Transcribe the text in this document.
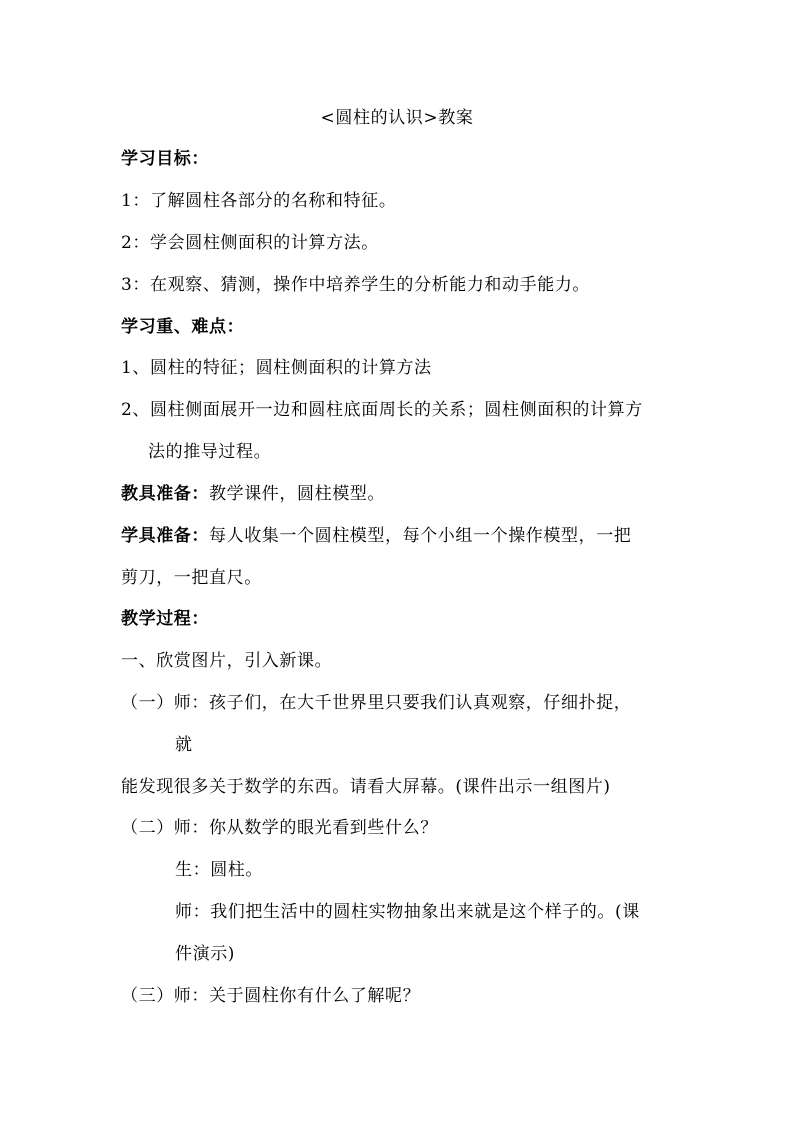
<圆柱的认识>教案
学习目标：
1：了解圆柱各部分的名称和特征。
2：学会圆柱侧面积的计算方法。
3：在观察、猜测，操作中培养学生的分析能力和动手能力。
学习重、难点：
1、圆柱的特征；圆柱侧面积的计算方法
2、圆柱侧面展开一边和圆柱底面周长的关系；圆柱侧面积的计算方
法的推导过程。
教具准备：教学课件，圆柱模型。
学具准备：每人收集一个圆柱模型，每个小组一个操作模型，一把
剪刀，一把直尺。
教学过程：
一、欣赏图片，引入新课。
（一）师：孩子们，在大千世界里只要我们认真观察，仔细扑捉，
就
能发现很多关于数学的东西。请看大屏幕。(课件出示一组图片)
（二）师：你从数学的眼光看到些什么？
生：圆柱。
师：我们把生活中的圆柱实物抽象出来就是这个样子的。(课
件演示)
（三）师：关于圆柱你有什么了解呢？
